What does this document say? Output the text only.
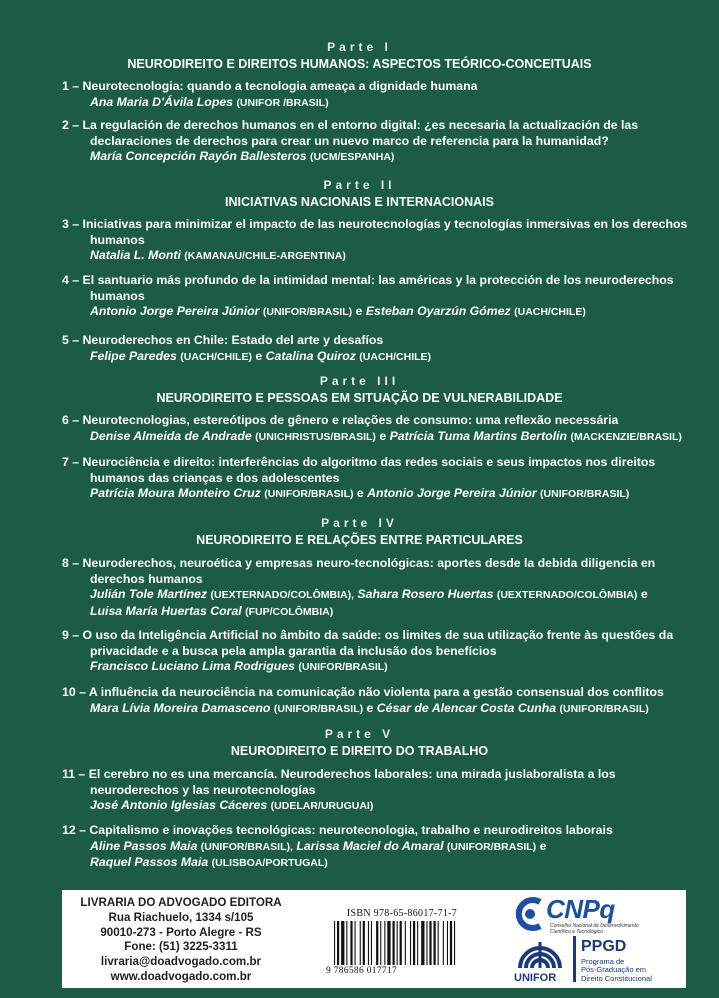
Parte I
NEURODIREITO E DIREITOS HUMANOS: ASPECTOS TEÓRICO-CONCEITUAIS
Parte II
INICIATIVAS NACIONAIS E INTERNACIONAIS
Parte III
NEURODIREITO E PESSOAS EM SITUAÇÃO DE VULNERABILIDADE
Parte IV
NEURODIREITO E RELAÇÕES ENTRE PARTICULARES
Parte V
NEURODIREITO E DIREITO DO TRABALHO
1 – Neurotecnologia: quando a tecnologia ameaça a dignidade humana
Ana Maria D'Ávila Lopes (UNIFOR /BRASIL)
2 – La regulación de derechos humanos en el entorno digital: ¿es necesaria la actualización de las declaraciones de derechos para crear un nuevo marco de referencia para la humanidad?
María Concepción Rayón Ballesteros (UCM/ESPANHA)
3 – Iniciativas para minimizar el impacto de las neurotecnologías y tecnologías inmersivas en los derechos humanos
Natalia L. Monti (KAMANAU/CHILE-ARGENTINA)
4 – El santuario más profundo de la intimidad mental: las américas y la protección de los neuroderechos humanos
Antonio Jorge Pereira Júnior (UNIFOR/BRASIL) e Esteban Oyarzún Gómez (UACH/CHILE)
5 – Neuroderechos en Chile: Estado del arte y desafíos
Felipe Paredes (UACH/CHILE) e Catalina Quiroz (UACH/CHILE)
6 – Neurotecnologias, estereótipos de gênero e relações de consumo: uma reflexão necessária
Denise Almeida de Andrade (UNICHRISTUS/BRASIL) e Patrícia Tuma Martins Bertolin (MACKENZIE/BRASIL)
7 – Neurociência e direito: interferências do algoritmo das redes sociais e seus impactos nos direitos humanos das crianças e dos adolescentes
Patrícia Moura Monteiro Cruz (UNIFOR/BRASIL) e Antonio Jorge Pereira Júnior (UNIFOR/BRASIL)
8 – Neuroderechos, neuroética y empresas neuro-tecnológicas: aportes desde la debida diligencia en derechos humanos
Julián Tole Martínez (UEXTERNADO/COLÔMBIA), Sahara Rosero Huertas (UEXTERNADO/COLÔMBIA) e
Luisa María Huertas Coral (FUP/COLÔMBIA)
9 – O uso da Inteligência Artificial no âmbito da saúde: os limites de sua utilização frente às questões da privacidade e a busca pela ampla garantia da inclusão dos benefícios
Francisco Luciano Lima Rodrigues (UNIFOR/BRASIL)
10 – A influência da neurociência na comunicação não violenta para a gestão consensual dos conflitos
Mara Lívia Moreira Damasceno (UNIFOR/BRASIL) e César de Alencar Costa Cunha (UNIFOR/BRASIL)
11 – El cerebro no es una mercancía. Neuroderechos laborales: una mirada juslaboralista a los neuroderechos y las neurotecnologías
José Antonio Iglesias Cáceres (UDELAR/URUGUAI)
12 – Capitalismo e inovações tecnológicas: neurotecnologia, trabalho e neurodireitos laborais
Aline Passos Maia (UNIFOR/BRASIL), Larissa Maciel do Amaral (UNIFOR/BRASIL) e
Raquel Passos Maia (ULISBOA/PORTUGAL)
LIVRARIA DO ADVOGADO EDITORA
Rua Riachuelo, 1334 s/105
90010-273 - Porto Alegre - RS
Fone: (51) 3225-3311
livraria@doadvogado.com.br
www.doadvogado.com.br
ISBN 978-65-86017-71-7
9 786586 017717
CNPq
Conselho Nacional de Desenvolvimento
Científico e Tecnológico
UNIFOR
PPGD
Programa de
Pós-Graduação em
Direito Constitucional
